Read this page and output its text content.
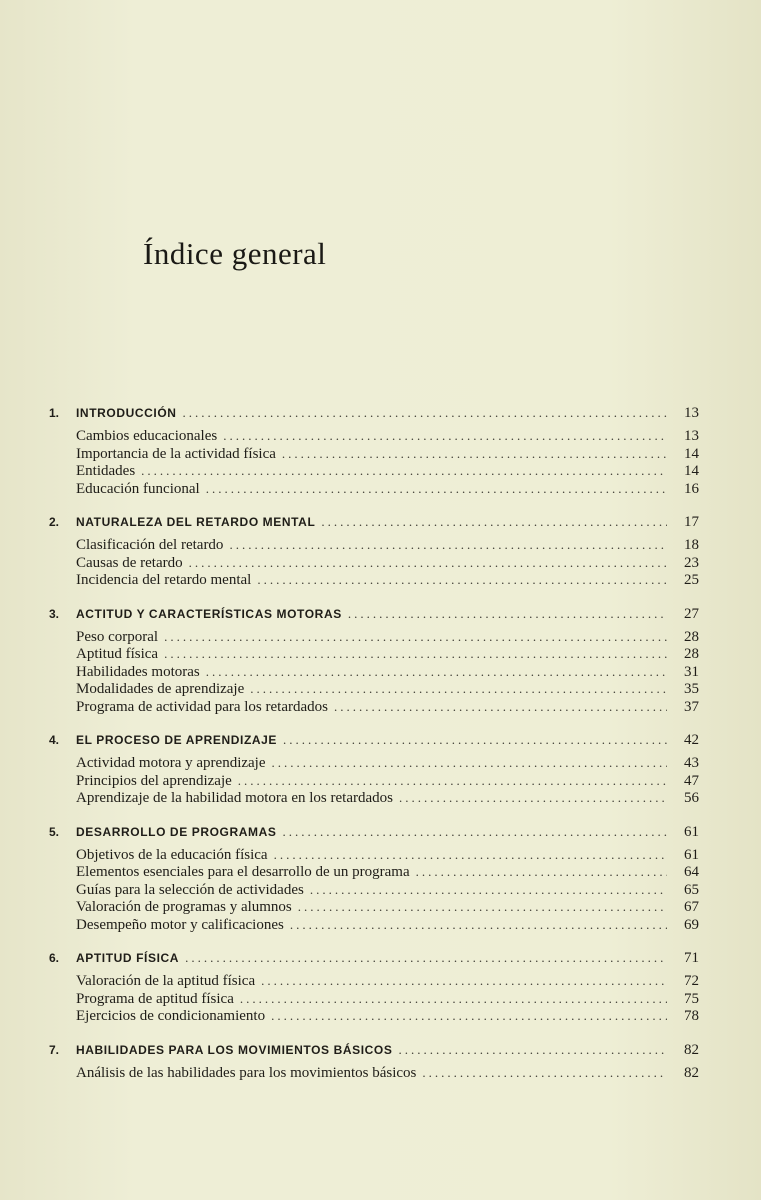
Índice general
1.	INTRODUCCIÓN .....	13
Cambios educacionales .....	13
Importancia de la actividad física .....	14
Entidades .....	14
Educación funcional .....	16
2.	NATURALEZA DEL RETARDO MENTAL .....	17
Clasificación del retardo .....	18
Causas de retardo .....	23
Incidencia del retardo mental .....	25
3.	ACTITUD Y CARACTERÍSTICAS MOTORAS .....	27
Peso corporal .....	28
Aptitud física .....	28
Habilidades motoras .....	31
Modalidades de aprendizaje .....	35
Programa de actividad para los retardados .....	37
4.	EL PROCESO DE APRENDIZAJE .....	42
Actividad motora y aprendizaje .....	43
Principios del aprendizaje .....	47
Aprendizaje de la habilidad motora en los retardados .....	56
5.	DESARROLLO DE PROGRAMAS .....	61
Objetivos de la educación física .....	61
Elementos esenciales para el desarrollo de un programa .....	64
Guías para la selección de actividades .....	65
Valoración de programas y alumnos .....	67
Desempeño motor y calificaciones .....	69
6.	APTITUD FÍSICA .....	71
Valoración de la aptitud física .....	72
Programa de aptitud física .....	75
Ejercicios de condicionamiento .....	78
7.	HABILIDADES PARA LOS MOVIMIENTOS BÁSICOS .....	82
Análisis de las habilidades para los movimientos básicos .....	82
